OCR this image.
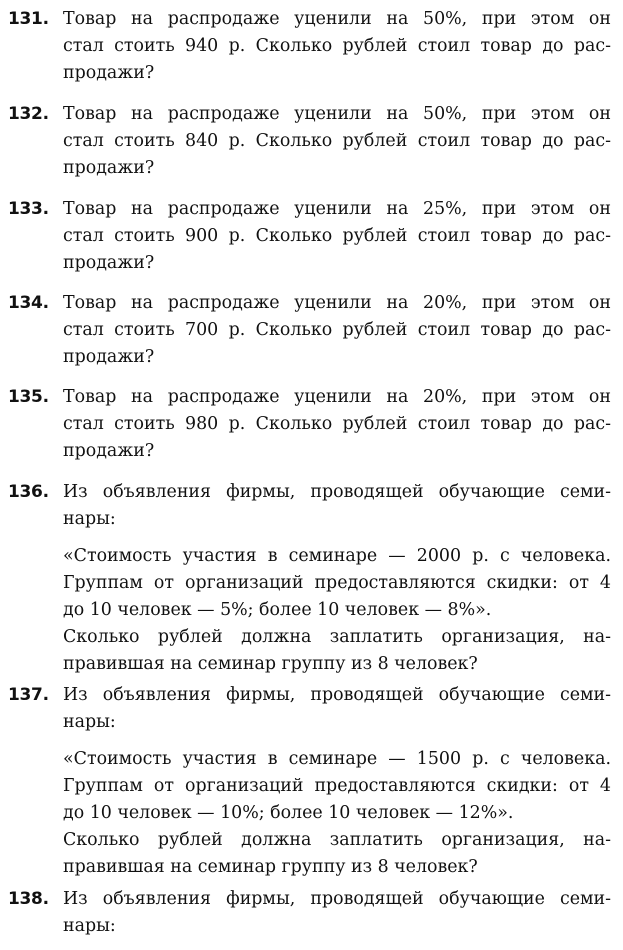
131. Товар на распродаже уценили на 50%, при этом он
стал стоить 940 р. Сколько рублей стоил товар до рас-
продажи?
132. Товар на распродаже уценили на 50%, при этом он
стал стоить 840 р. Сколько рублей стоил товар до рас-
продажи?
133. Товар на распродаже уценили на 25%, при этом он
стал стоить 900 р. Сколько рублей стоил товар до рас-
продажи?
134. Товар на распродаже уценили на 20%, при этом он
стал стоить 700 р. Сколько рублей стоил товар до рас-
продажи?
135. Товар на распродаже уценили на 20%, при этом он
стал стоить 980 р. Сколько рублей стоил товар до рас-
продажи?
136. Из объявления фирмы, проводящей обучающие семи-
нары:
«Стоимость участия в семинаре — 2000 р. с человека.
Группам от организаций предоставляются скидки: от 4
до 10 человек — 5%; более 10 человек — 8%».
Сколько рублей должна заплатить организация, на-
правившая на семинар группу из 8 человек?
137. Из объявления фирмы, проводящей обучающие семи-
нары:
«Стоимость участия в семинаре — 1500 р. с человека.
Группам от организаций предоставляются скидки: от 4
до 10 человек — 10%; более 10 человек — 12%».
Сколько рублей должна заплатить организация, на-
правившая на семинар группу из 8 человек?
138. Из объявления фирмы, проводящей обучающие семи-
нары:
